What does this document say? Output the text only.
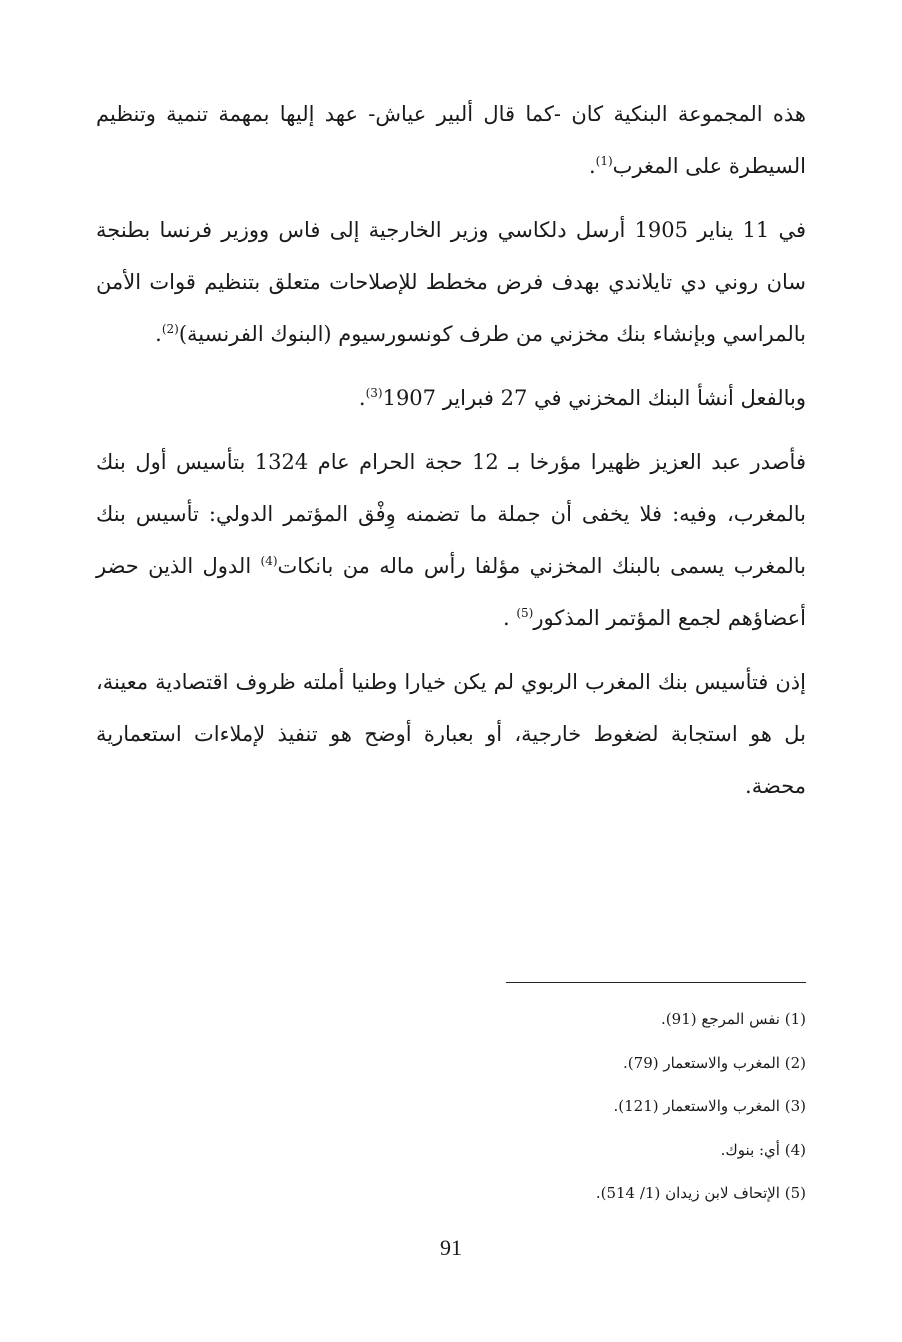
هذه المجموعة البنكية كان -كما قال ألبير عياش- عهد إليها بمهمة تنمية وتنظيم السيطرة على المغرب$^{(1)}$.

في 11 يناير 1905 أرسل دلكاسي وزير الخارجية إلى فاس ووزير فرنسا بطنجة سان روني دي تايلاندي بهدف فرض مخطط للإصلاحات متعلق بتنظيم قوات الأمن بالمراسي وبإنشاء بنك مخزني من طرف كونسورسيوم (البنوك الفرنسية)$^{(2)}$.

وبالفعل أنشأ البنك المخزني في 27 فبراير 1907$^{(3)}$.

فأصدر عبد العزيز ظهيرا مؤرخا بـ 12 حجة الحرام عام 1324 بتأسيس أول بنك بالمغرب، وفيه: فلا يخفى أن جملة ما تضمنه وِفْق المؤتمر الدولي: تأسيس بنك بالمغرب يسمى بالبنك المخزني مؤلفا رأس ماله من بانكات$^{(4)}$ الدول الذين حضر أعضاؤهم لجمع المؤتمر المذكور$^{(5)}$ .

إذن فتأسيس بنك المغرب الربوي لم يكن خيارا وطنيا أملته ظروف اقتصادية معينة، بل هو استجابة لضغوط خارجية، أو بعبارة أوضح هو تنفيذ لإملاءات استعمارية محضة.

(1) نفس المرجع (91).
(2) المغرب والاستعمار (79).
(3) المغرب والاستعمار (121).
(4) أي: بنوك.
(5) الإتحاف لابن زيدان (1/ 514).
91
